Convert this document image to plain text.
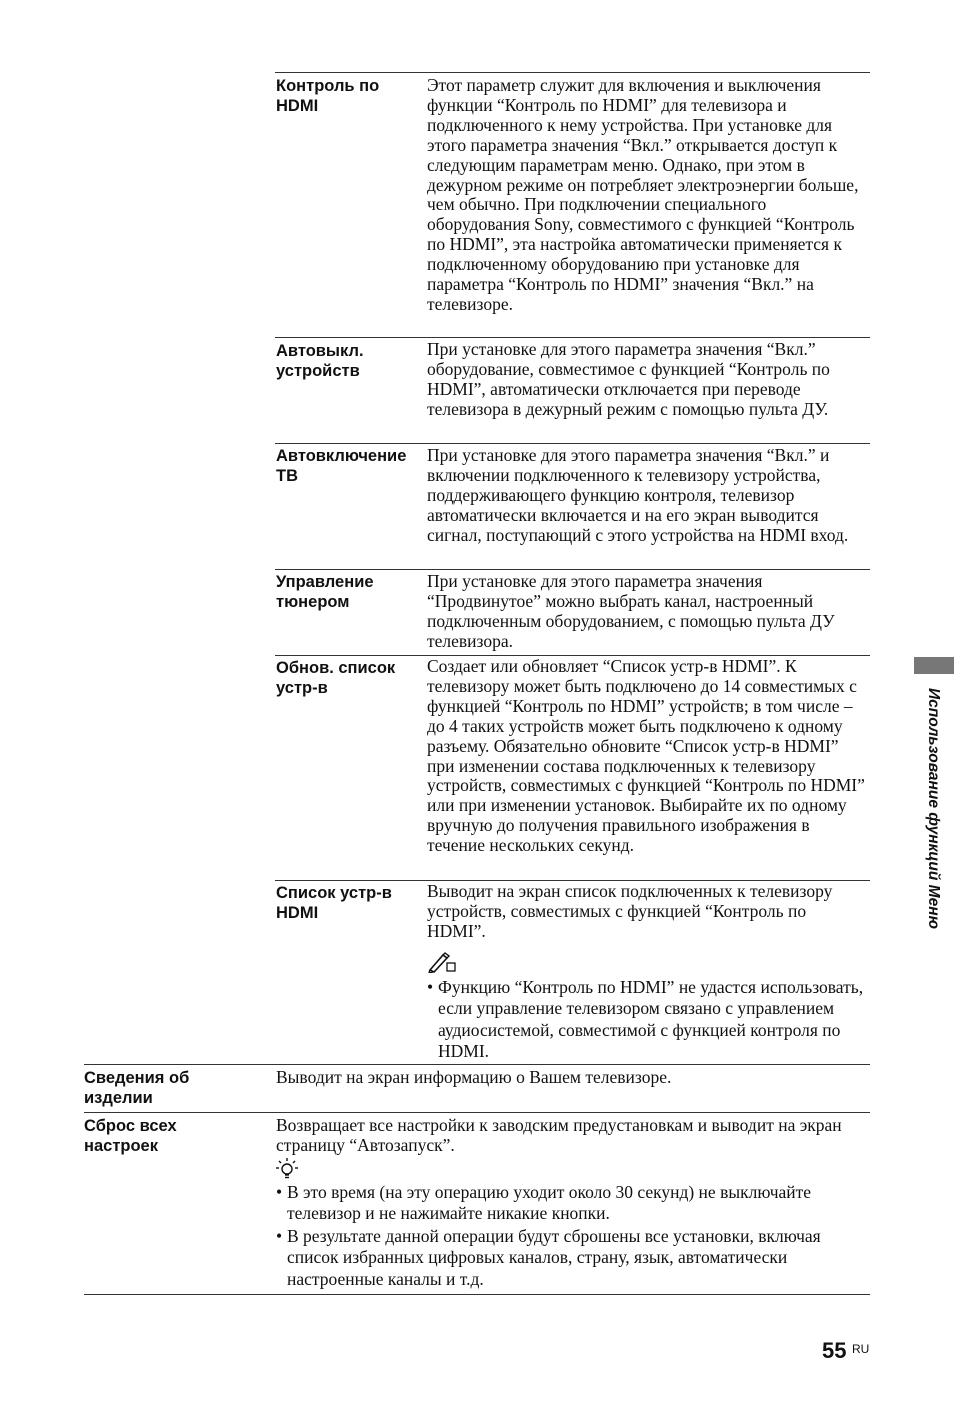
Контроль по HDMI

Этот параметр служит для включения и выключения функции “Контроль по HDMI” для телевизора и подключенного к нему устройства. При установке для этого параметра значения “Вкл.” открывается доступ к следующим параметрам меню. Однако, при этом в дежурном режиме он потребляет электроэнергии больше, чем обычно. При подключении специального оборудования Sony, совместимого с функцией “Контроль по HDMI”, эта настройка автоматически применяется к подключенному оборудованию при установке для параметра “Контроль по HDMI” значения “Вкл.” на телевизоре.

Автовыкл. устройств

При установке для этого параметра значения “Вкл.” оборудование, совместимое с функцией “Контроль по HDMI”, автоматически отключается при переводе телевизора в дежурный режим с помощью пульта ДУ.

Автовключение ТВ

При установке для этого параметра значения “Вкл.” и включении подключенного к телевизору устройства, поддерживающего функцию контроля, телевизор автоматически включается и на его экран выводится сигнал, поступающий с этого устройства на HDMI вход.

Управление тюнером

При установке для этого параметра значения “Продвинутое” можно выбрать канал, настроенный подключенным оборудованием, с помощью пульта ДУ телевизора.

Обнов. список устр-в

Создает или обновляет “Список устр-в HDMI”. К телевизору может быть подключено до 14 совместимых с функцией “Контроль по HDMI” устройств; в том числе – до 4 таких устройств может быть подключено к одному разъему. Обязательно обновите “Список устр-в HDMI” при изменении состава подключенных к телевизору устройств, совместимых с функцией “Контроль по HDMI” или при изменении установок. Выбирайте их по одному вручную до получения правильного изображения в течение нескольких секунд.

Список устр-в HDMI

Выводит на экран список подключенных к телевизору устройств, совместимых с функцией “Контроль по HDMI”.

• Функцию “Контроль по HDMI” не удастся использовать, если управление телевизором связано с управлением аудиосистемой, совместимой с функцией контроля по HDMI.
Сведения об изделии

Выводит на экран информацию о Вашем телевизоре.

Сброс всех настроек

Возвращает все настройки к заводским предустановкам и выводит на экран страницу “Автозапуск”.

• В это время (на эту операцию уходит около 30 секунд) не выключайте телевизор и не нажимайте никакие кнопки.
• В результате данной операции будут сброшены все установки, включая список избранных цифровых каналов, страну, язык, автоматически настроенные каналы и т.д.
Использование функций Меню
55 RU
